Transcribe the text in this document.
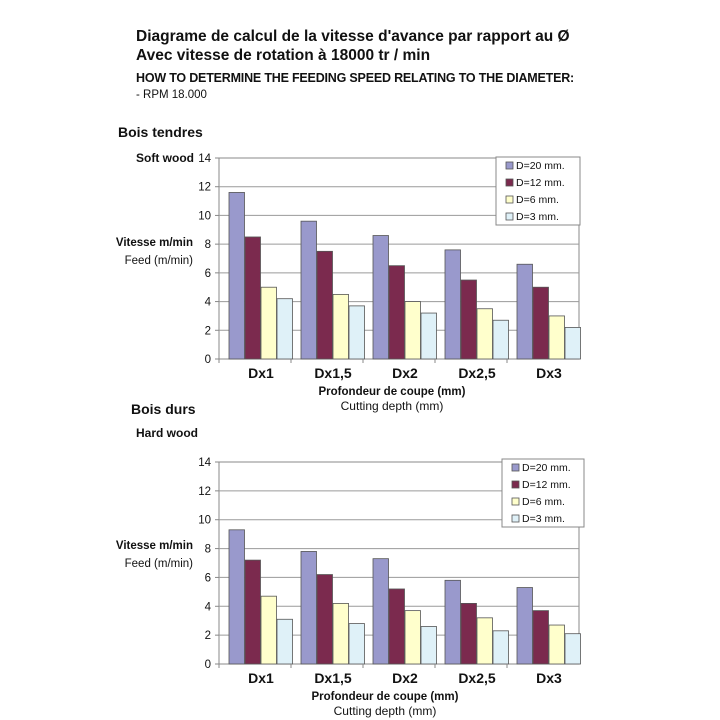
Diagrame de calcul de la vitesse d'avance par rapport au Ø
Avec vitesse de rotation à 18000 tr / min
HOW TO DETERMINE THE FEEDING SPEED RELATING TO THE DIAMETER:
- RPM 18.000
Bois tendres
Soft wood
Bois durs
Hard wood
0
2
4
6
8
10
12
14
Dx1	Dx1,5	Dx2	Dx2,5	Dx3
Vitesse m/min
Feed (m/min)
Profondeur de coupe (mm)
Cutting depth (mm)
D=20 mm.
D=12 mm.
D=6 mm.
D=3 mm.
0
2
4
6
8
10
12
14
Dx1	Dx1,5	Dx2	Dx2,5	Dx3
Vitesse m/min
Feed (m/min)
Profondeur de coupe (mm)
Cutting depth (mm)
D=20 mm.
D=12 mm.
D=6 mm.
D=3 mm.
